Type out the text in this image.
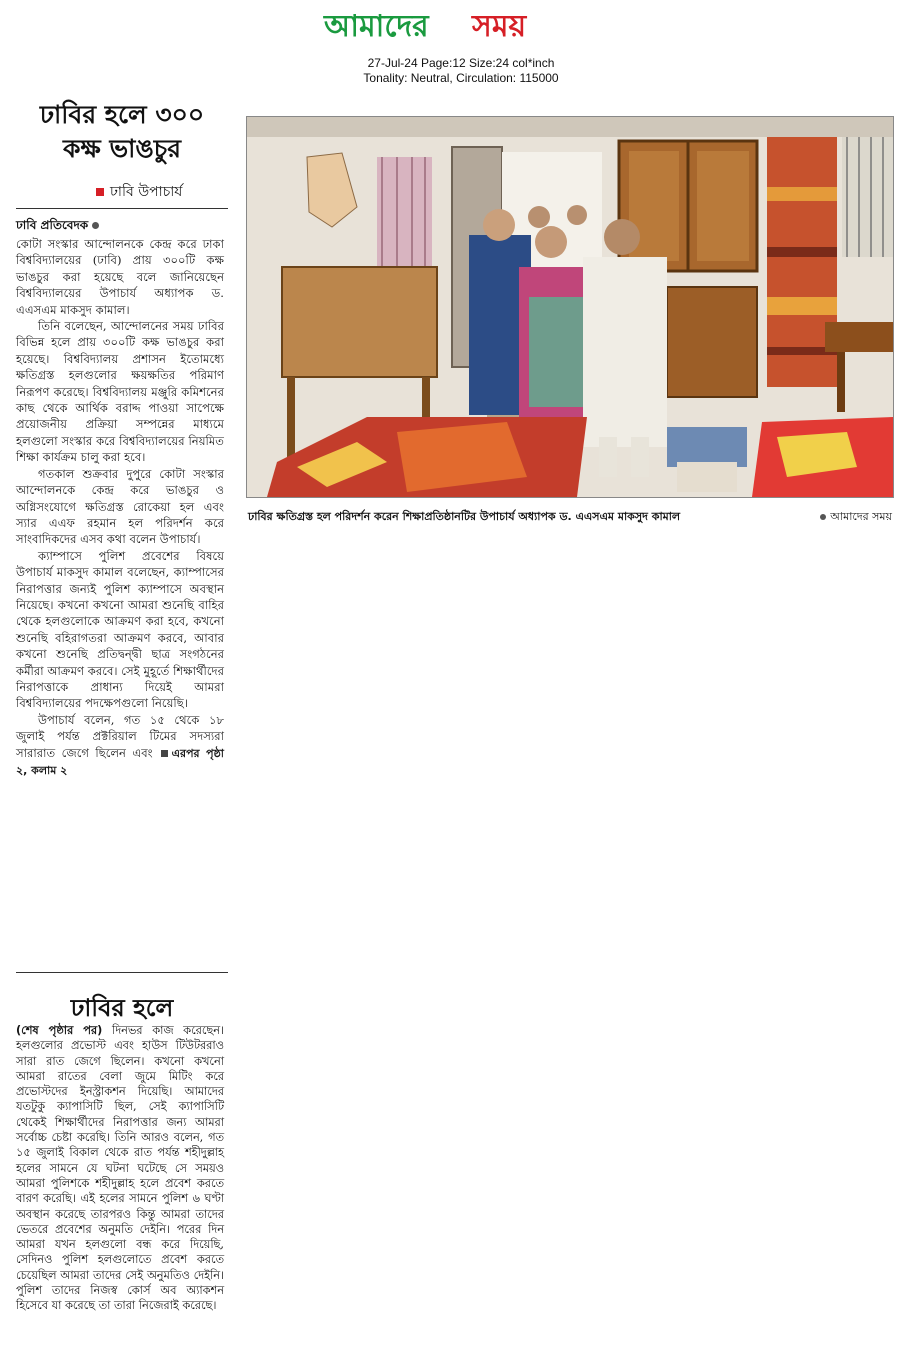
আমাদের সময়
27-Jul-24 Page:12 Size:24 col*inch
Tonality: Neutral, Circulation: 115000
ঢাবির হলে ৩০০
কক্ষ ভাঙচুর
ঢাবি উপাচার্য
ঢাবি প্রতিবেদক

কোটা সংস্কার আন্দোলনকে কেন্দ্র করে ঢাকা বিশ্ববিদ্যালয়ের (ঢাবি) প্রায় ৩০০টি কক্ষ ভাঙচুর করা হয়েছে বলে জানিয়েছেন বিশ্ববিদ্যালয়ের উপাচার্য অধ্যাপক ড. এএসএম মাকসুদ কামাল।

তিনি বলেছেন, আন্দোলনের সময় ঢাবির বিভিন্ন হলে প্রায় ৩০০টি কক্ষ ভাঙচুর করা হয়েছে। বিশ্ববিদ্যালয় প্রশাসন ইতোমধ্যে ক্ষতিগ্রস্ত হলগুলোর ক্ষয়ক্ষতির পরিমাণ নিরূপণ করেছে। বিশ্ববিদ্যালয় মঞ্জুরি কমিশনের কাছ থেকে আর্থিক বরাদ্দ পাওয়া সাপেক্ষে প্রয়োজনীয় প্রক্রিয়া সম্পন্নের মাধ্যমে হলগুলো সংস্কার করে বিশ্ববিদ্যালয়ের নিয়মিত শিক্ষা কার্যক্রম চালু করা হবে।

গতকাল শুক্রবার দুপুরে কোটা সংস্কার আন্দোলনকে কেন্দ্র করে ভাঙচুর ও অগ্নিসংযোগে ক্ষতিগ্রস্ত রোকেয়া হল এবং স্যার এএফ রহমান হল পরিদর্শন করে সাংবাদিকদের এসব কথা বলেন উপাচার্য।

ক্যাম্পাসে পুলিশ প্রবেশের বিষয়ে উপাচার্য মাকসুদ কামাল বলেছেন, ক্যাম্পাসের নিরাপত্তার জন্যই পুলিশ ক্যাম্পাসে অবস্থান নিয়েছে। কখনো কখনো আমরা শুনেছি বাহির থেকে হলগুলোকে আক্রমণ করা হবে, কখনো শুনেছি বহিরাগতরা আক্রমণ করবে, আবার কখনো শুনেছি প্রতিদ্বন্দ্বী ছাত্র সংগঠনের কর্মীরা আক্রমণ করবে। সেই মুহূর্তে শিক্ষার্থীদের নিরাপত্তাকে প্রাধান্য দিয়েই আমরা বিশ্ববিদ্যালয়ের পদক্ষেপগুলো নিয়েছি।

উপাচার্য বলেন, গত ১৫ থেকে ১৮ জুলাই পর্যন্ত প্রক্টরিয়াল টিমের সদস্যরা সারারাত জেগে ছিলেন এবং এরপর পৃষ্ঠা ২, কলাম ২

ঢাবির ক্ষতিগ্রস্ত হল পরিদর্শন করেন শিক্ষাপ্রতিষ্ঠানটির উপাচার্য অধ্যাপক ড. এএসএম মাকসুদ কামাল	আমাদের সময়
ঢাবির হলে
(শেষ পৃষ্ঠার পর) দিনভর কাজ করেছেন। হলগুলোর প্রভোস্ট এবং হাউস টিউটররাও সারা রাত জেগে ছিলেন। কখনো কখনো আমরা রাতের বেলা জুমে মিটিং করে প্রভোস্টদের ইনস্ট্রাকশন দিয়েছি। আমাদের যতটুকু ক্যাপাসিটি ছিল, সেই ক্যাপাসিটি থেকেই শিক্ষার্থীদের নিরাপত্তার জন্য আমরা সর্বোচ্চ চেষ্টা করেছি। তিনি আরও বলেন, গত ১৫ জুলাই বিকাল থেকে রাত পর্যন্ত শহীদুল্লাহ হলের সামনে যে ঘটনা ঘটেছে সে সময়ও আমরা পুলিশকে শহীদুল্লাহ হলে প্রবেশ করতে বারণ করেছি। এই হলের সামনে পুলিশ ৬ ঘণ্টা অবস্থান করেছে তারপরও কিন্তু আমরা তাদের ভেতরে প্রবেশের অনুমতি দেইনি। পরের দিন আমরা যখন হলগুলো বন্ধ করে দিয়েছি, সেদিনও পুলিশ হলগুলোতে প্রবেশ করতে চেয়েছিল আমরা তাদের সেই অনুমতিও দেইনি। পুলিশ তাদের নিজস্ব কোর্স অব অ্যাকশন হিসেবে যা করেছে তা তারা নিজেরাই করেছে।
